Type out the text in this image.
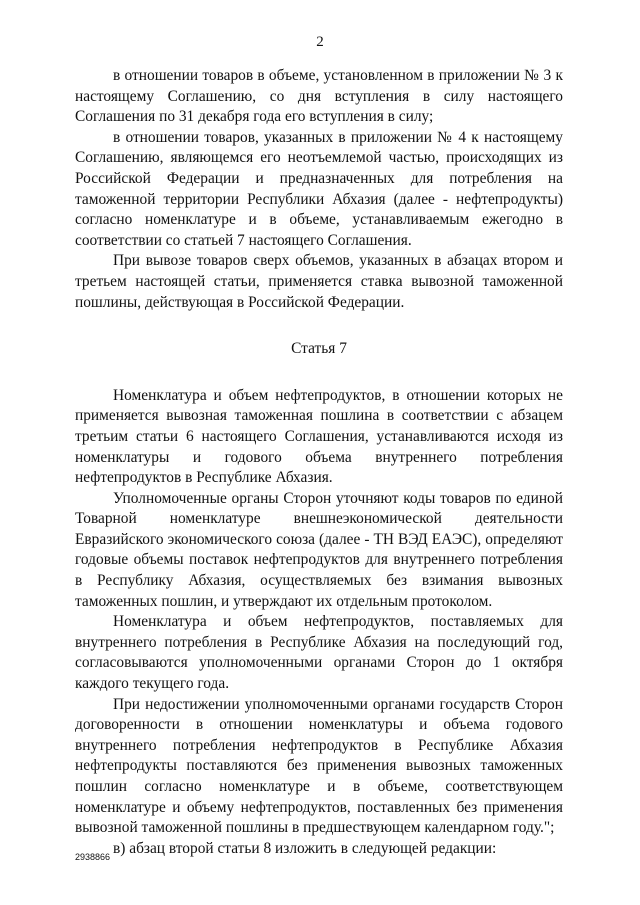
2

в отношении товаров в объеме, установленном в приложении № 3 к настоящему Соглашению, со дня вступления в силу настоящего Соглашения по 31 декабря года его вступления в силу;

в отношении товаров, указанных в приложении № 4 к настоящему Соглашению, являющемся его неотъемлемой частью, происходящих из Российской Федерации и предназначенных для потребления на таможенной территории Республики Абхазия (далее - нефтепродукты) согласно номенклатуре и в объеме, устанавливаемым ежегодно в соответствии со статьей 7 настоящего Соглашения.

При вывозе товаров сверх объемов, указанных в абзацах втором и третьем настоящей статьи, применяется ставка вывозной таможенной пошлины, действующая в Российской Федерации.

Статья 7

Номенклатура и объем нефтепродуктов, в отношении которых не применяется вывозная таможенная пошлина в соответствии с абзацем третьим статьи 6 настоящего Соглашения, устанавливаются исходя из номенклатуры и годового объема внутреннего потребления нефтепродуктов в Республике Абхазия.

Уполномоченные органы Сторон уточняют коды товаров по единой Товарной номенклатуре внешнеэкономической деятельности Евразийского экономического союза (далее - ТН ВЭД ЕАЭС), определяют годовые объемы поставок нефтепродуктов для внутреннего потребления в Республику Абхазия, осуществляемых без взимания вывозных таможенных пошлин, и утверждают их отдельным протоколом.

Номенклатура и объем нефтепродуктов, поставляемых для внутреннего потребления в Республике Абхазия на последующий год, согласовываются уполномоченными органами Сторон до 1 октября каждого текущего года.

При недостижении уполномоченными органами государств Сторон договоренности в отношении номенклатуры и объема годового внутреннего потребления нефтепродуктов в Республике Абхазия нефтепродукты поставляются без применения вывозных таможенных пошлин согласно номенклатуре и в объеме, соответствующем номенклатуре и объему нефтепродуктов, поставленных без применения вывозной таможенной пошлины в предшествующем календарном году.";

в) абзац второй статьи 8 изложить в следующей редакции:

2938866
